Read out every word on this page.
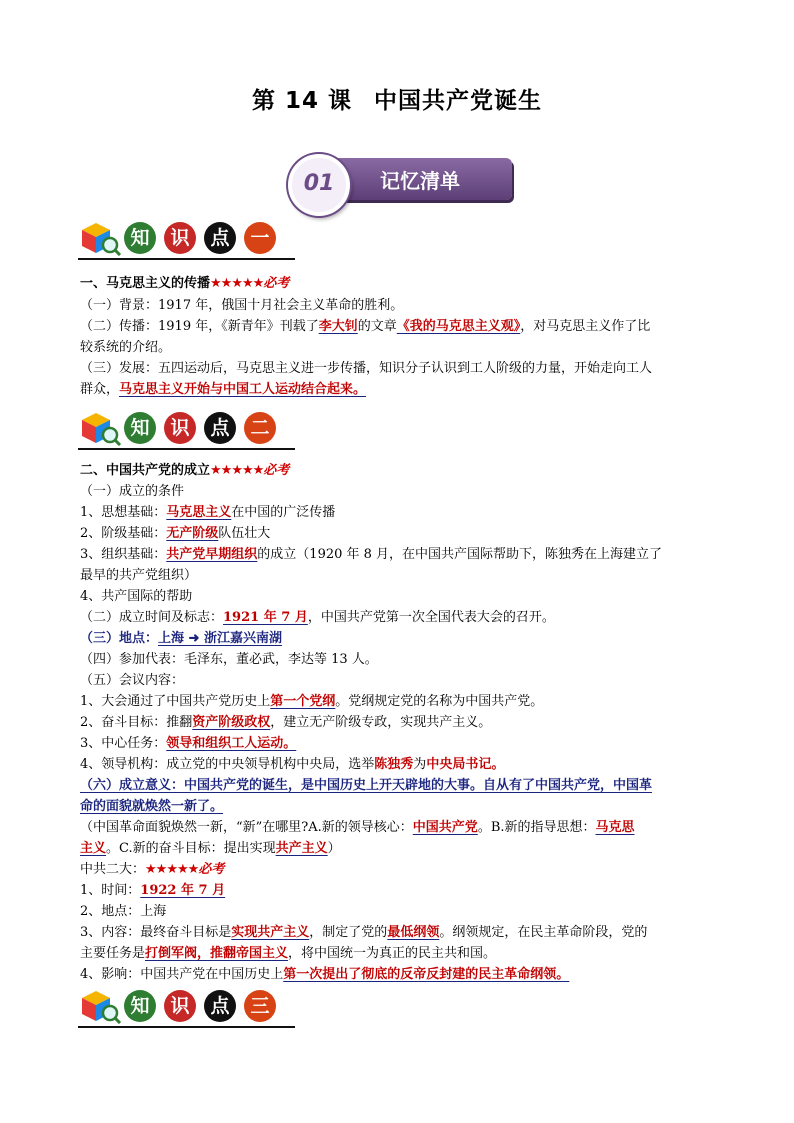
第 14 课 中国共产党诞生
记忆清单
01
知	识	点	一
一、马克思主义的传播★★★★★必考
（一）背景：1917 年，俄国十月社会主义革命的胜利。
（二）传播：1919 年，《新青年》刊载了李大钊的文章《我的马克思主义观》，对马克思主义作了比
较系统的介绍。
（三）发展：五四运动后，马克思主义进一步传播，知识分子认识到工人阶级的力量，开始走向工人
群众，马克思主义开始与中国工人运动结合起来。
知	识	点	二
二、中国共产党的成立★★★★★必考
（一）成立的条件
1、思想基础：马克思主义在中国的广泛传播
2、阶级基础：无产阶级队伍壮大
3、组织基础：共产党早期组织的成立（1920 年 8 月，在中国共产国际帮助下，陈独秀在上海建立了
最早的共产党组织）
4、共产国际的帮助
（二）成立时间及标志：1921 年 7 月，中国共产党第一次全国代表大会的召开。
（三）地点：上海 ➜ 浙江嘉兴南湖
（四）参加代表：毛泽东，董必武，李达等 13 人。
（五）会议内容：
1、大会通过了中国共产党历史上第一个党纲。党纲规定党的名称为中国共产党。
2、奋斗目标：推翻资产阶级政权，建立无产阶级专政，实现共产主义。
3、中心任务：领导和组织工人运动。
4、领导机构：成立党的中央领导机构中央局，选举陈独秀为中央局书记。
（六）成立意义：中国共产党的诞生，是中国历史上开天辟地的大事。自从有了中国共产党，中国革
命的面貌就焕然一新了。
（中国革命面貌焕然一新，“新”在哪里?A.新的领导核心：中国共产党。B.新的指导思想：马克思
主义。C.新的奋斗目标：提出实现共产主义）
中共二大：★★★★★必考
1、时间：1922 年 7 月
2、地点：上海
3、内容：最终奋斗目标是实现共产主义，制定了党的最低纲领。纲领规定，在民主革命阶段，党的
主要任务是打倒军阀，推翻帝国主义，将中国统一为真正的民主共和国。
4、影响：中国共产党在中国历史上第一次提出了彻底的反帝反封建的民主革命纲领。
知	识	点	三
